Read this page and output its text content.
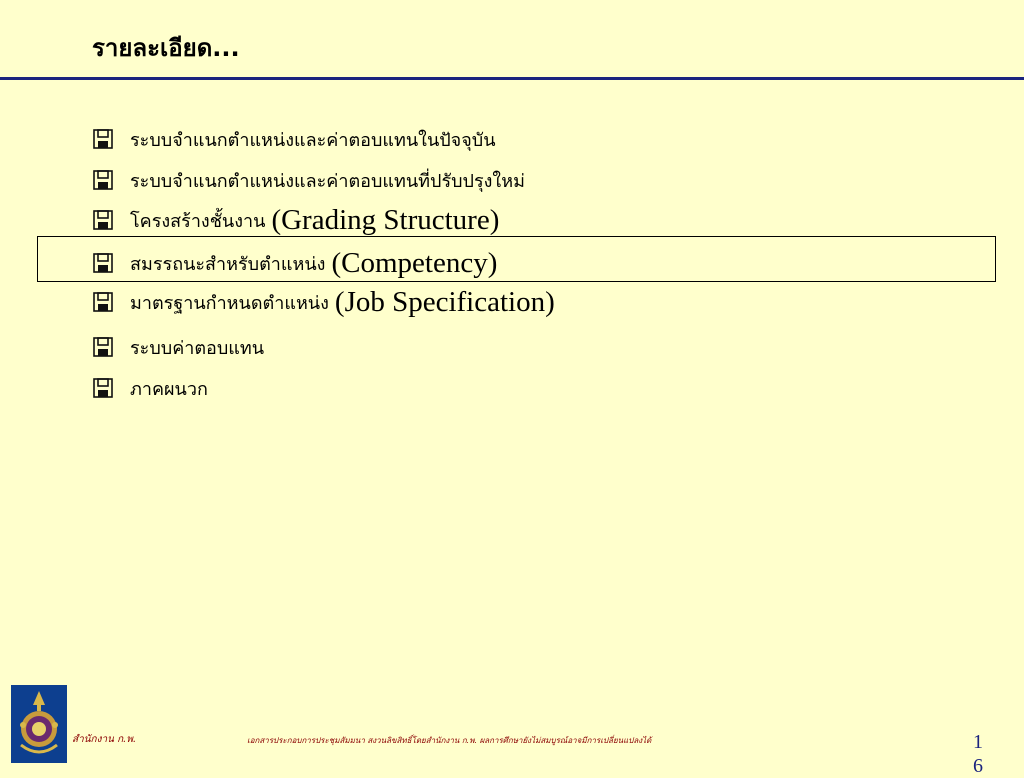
รายละเอียด...
ระบบจำแนกตำแหน่งและค่าตอบแทนในปัจจุบัน
ระบบจำแนกตำแหน่งและค่าตอบแทนที่ปรับปรุงใหม่
โครงสร้างชั้นงาน (Grading Structure)
สมรรถนะสำหรับตำแหน่ง (Competency)
มาตรฐานกำหนดตำแหน่ง (Job Specification)
ระบบค่าตอบแทน
ภาคผนวก
สำนักงาน ก.พ.	เอกสารประกอบการประชุมสัมมนา สงวนลิขสิทธิ์โดยสำนักงาน ก.พ. ผลการศึกษายังไม่สมบูรณ์อาจมีการเปลี่ยนแปลงได้	16
